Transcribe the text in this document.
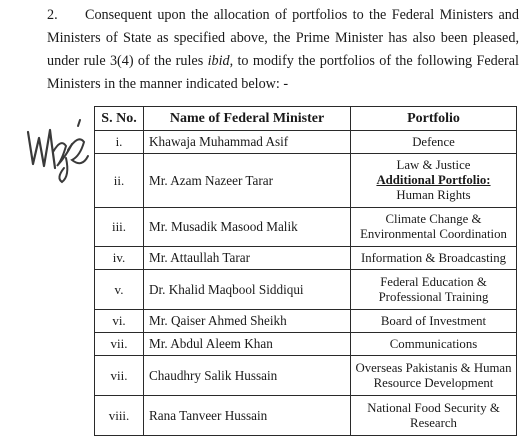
2. Consequent upon the allocation of portfolios to the Federal Ministers and Ministers of State as specified above, the Prime Minister has also been pleased, under rule 3(4) of the rules ibid, to modify the portfolios of the following Federal Ministers in the manner indicated below: -
S. No.	Name of Federal Minister	Portfolio
i.	Khawaja Muhammad Asif	Defence
ii.	Mr. Azam Nazeer Tarar	Law & Justice
Additional Portfolio:
Human Rights

iii.	Mr. Musadik Masood Malik	Climate Change &
Environmental Coordination

iv.	Mr. Attaullah Tarar	Information & Broadcasting
v.	Dr. Khalid Maqbool Siddiqui	Federal Education &
Professional Training

vi.	Mr. Qaiser Ahmed Sheikh	Board of Investment
vii.	Mr. Abdul Aleem Khan	Communications
vii.	Chaudhry Salik Hussain	Overseas Pakistanis & Human
Resource Development

viii.	Rana Tanveer Hussain	National Food Security &
Research
